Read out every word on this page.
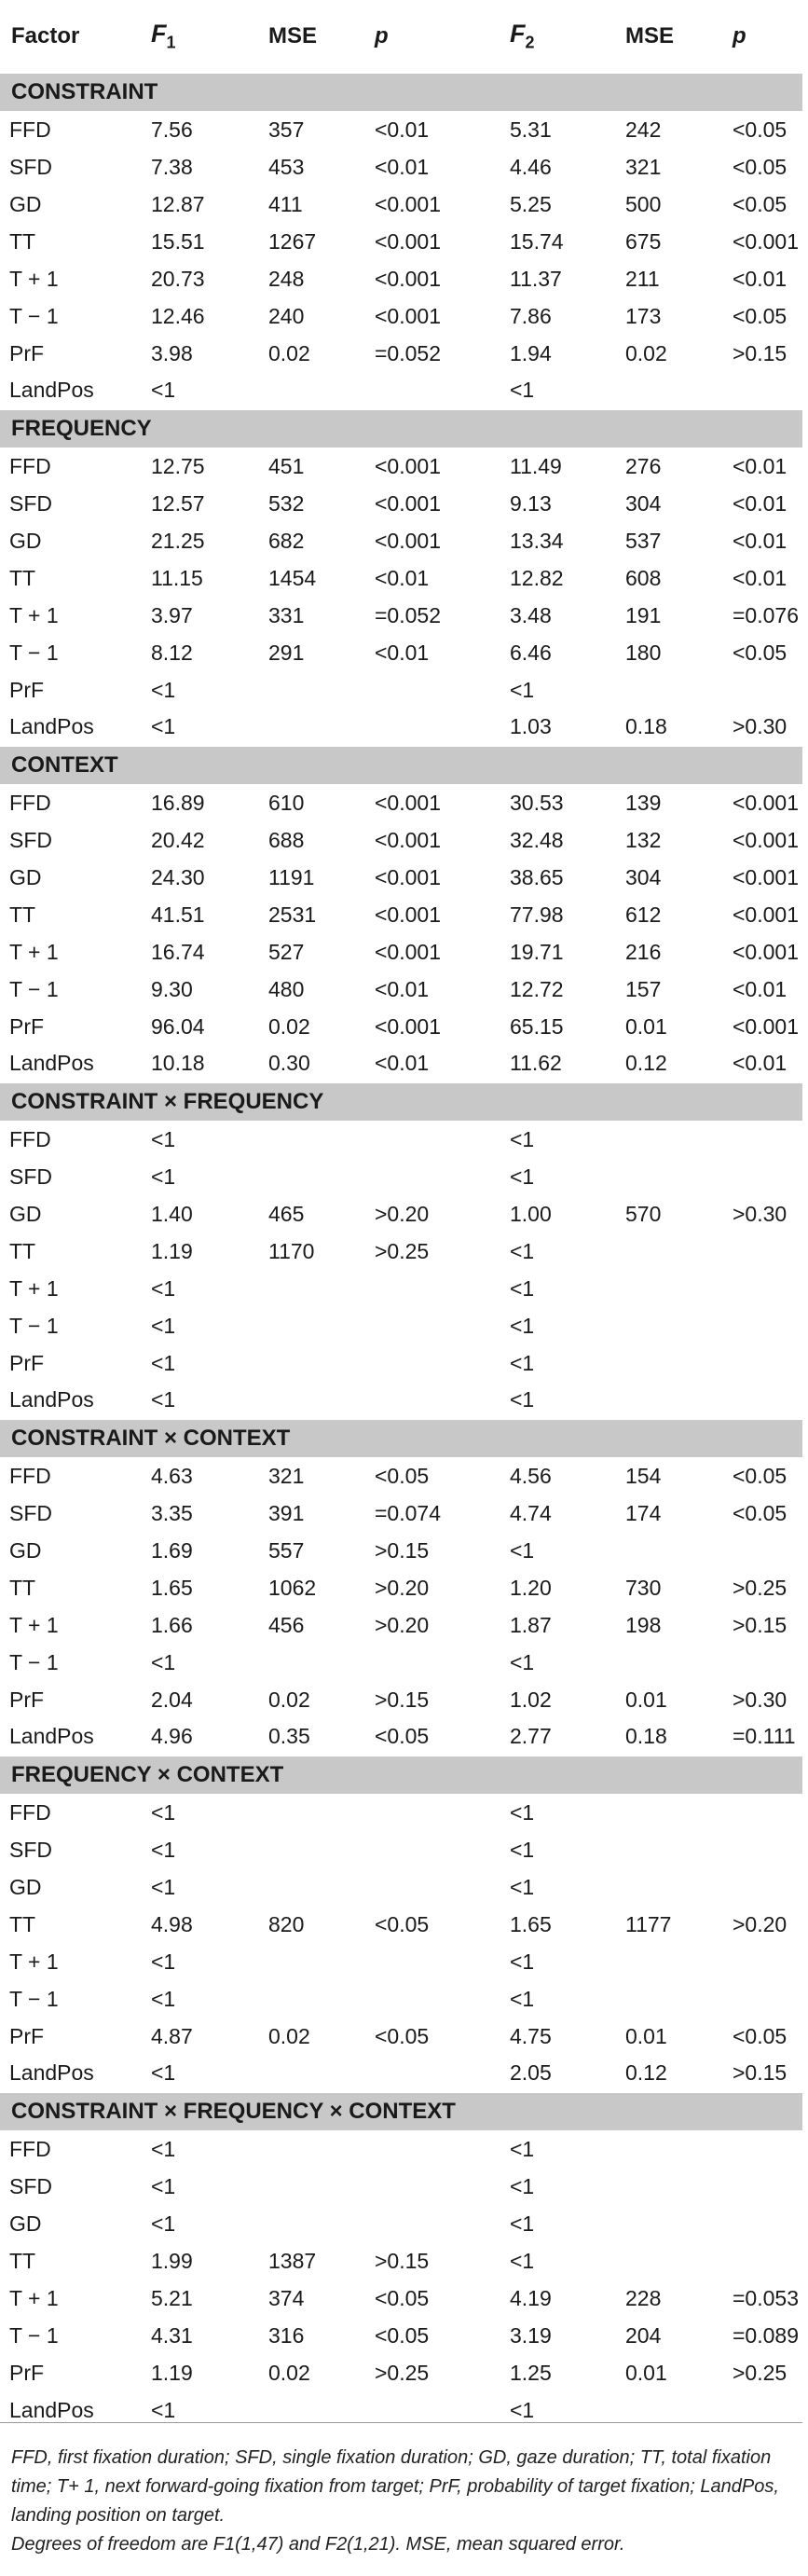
Factor	$F_1$	MSE	p	$F_2$	MSE	p
CONSTRAINT						
FFD	7.56	357	<0.01	5.31	242	<0.05
SFD	7.38	453	<0.01	4.46	321	<0.05
GD	12.87	411	<0.001	5.25	500	<0.05
TT	15.51	1267	<0.001	15.74	675	<0.001
T + 1	20.73	248	<0.001	11.37	211	<0.01
T − 1	12.46	240	<0.001	7.86	173	<0.05
PrF	3.98	0.02	=0.052	1.94	0.02	>0.15
LandPos	<1			<1		
FREQUENCY						
FFD	12.75	451	<0.001	11.49	276	<0.01
SFD	12.57	532	<0.001	9.13	304	<0.01
GD	21.25	682	<0.001	13.34	537	<0.01
TT	11.15	1454	<0.01	12.82	608	<0.01
T + 1	3.97	331	=0.052	3.48	191	=0.076
T − 1	8.12	291	<0.01	6.46	180	<0.05
PrF	<1			<1		
LandPos	<1			1.03	0.18	>0.30
CONTEXT						
FFD	16.89	610	<0.001	30.53	139	<0.001
SFD	20.42	688	<0.001	32.48	132	<0.001
GD	24.30	1191	<0.001	38.65	304	<0.001
TT	41.51	2531	<0.001	77.98	612	<0.001
T + 1	16.74	527	<0.001	19.71	216	<0.001
T − 1	9.30	480	<0.01	12.72	157	<0.01
PrF	96.04	0.02	<0.001	65.15	0.01	<0.001
LandPos	10.18	0.30	<0.01	11.62	0.12	<0.01
CONSTRAINT × FREQUENCY						
FFD	<1			<1		
SFD	<1			<1		
GD	1.40	465	>0.20	1.00	570	>0.30
TT	1.19	1170	>0.25	<1		
T + 1	<1			<1		
T − 1	<1			<1		
PrF	<1			<1		
LandPos	<1			<1		
CONSTRAINT × CONTEXT						
FFD	4.63	321	<0.05	4.56	154	<0.05
SFD	3.35	391	=0.074	4.74	174	<0.05
GD	1.69	557	>0.15	<1		
TT	1.65	1062	>0.20	1.20	730	>0.25
T + 1	1.66	456	>0.20	1.87	198	>0.15
T − 1	<1			<1		
PrF	2.04	0.02	>0.15	1.02	0.01	>0.30
LandPos	4.96	0.35	<0.05	2.77	0.18	=0.111
FREQUENCY × CONTEXT						
FFD	<1			<1		
SFD	<1			<1		
GD	<1			<1		
TT	4.98	820	<0.05	1.65	1177	>0.20
T + 1	<1			<1		
T − 1	<1			<1		
PrF	4.87	0.02	<0.05	4.75	0.01	<0.05
LandPos	<1			2.05	0.12	>0.15
CONSTRAINT × FREQUENCY × CONTEXT						
FFD	<1			<1		
SFD	<1			<1		
GD	<1			<1		
TT	1.99	1387	>0.15	<1		
T + 1	5.21	374	<0.05	4.19	228	=0.053
T − 1	4.31	316	<0.05	3.19	204	=0.089
PrF	1.19	0.02	>0.25	1.25	0.01	>0.25
LandPos	<1			<1		

FFD, first fixation duration; SFD, single fixation duration; GD, gaze duration; TT, total fixation time; T+ 1, next forward-going fixation from target; PrF, probability of target fixation; LandPos, landing position on target.

Degrees of freedom are F1(1,47) and F2(1,21). MSE, mean squared error.
